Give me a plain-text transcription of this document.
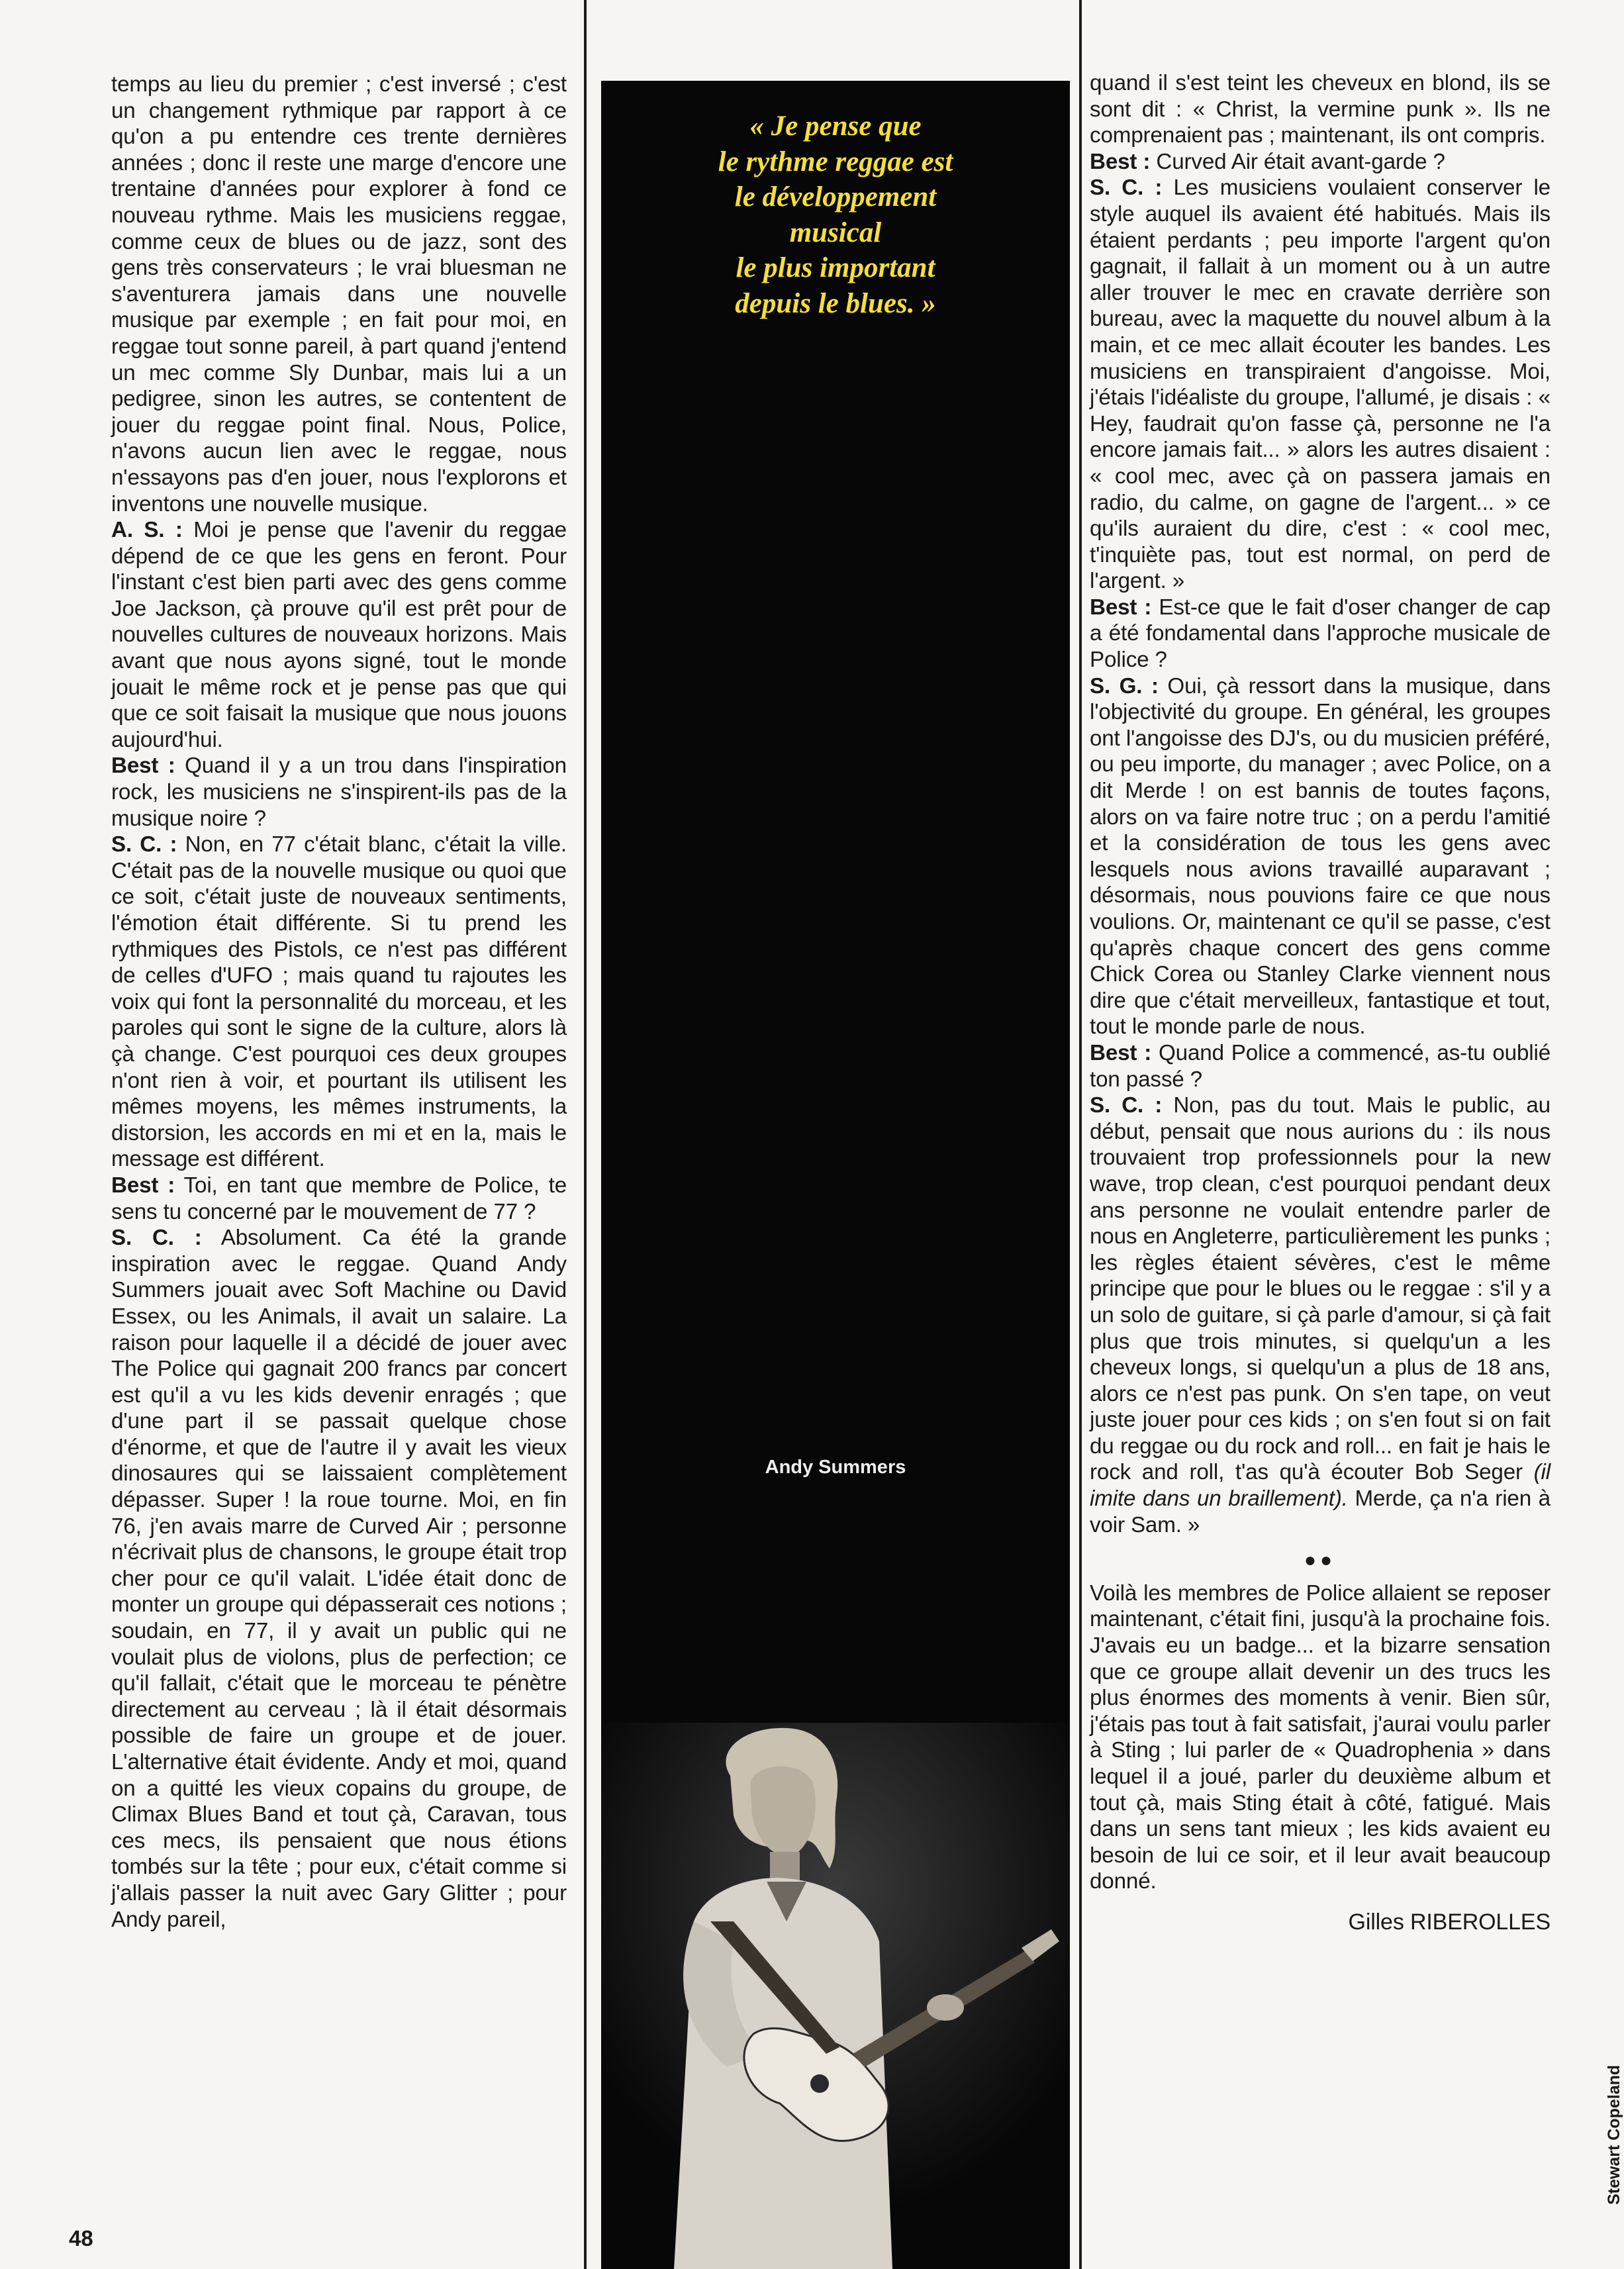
temps au lieu du premier ; c'est inversé ; c'est un changement rythmique par rapport à ce qu'on a pu entendre ces trente dernières années ; donc il reste une marge d'encore une trentaine d'années pour explorer à fond ce nouveau rythme. Mais les musiciens reggae, comme ceux de blues ou de jazz, sont des gens très conservateurs ; le vrai bluesman ne s'aventurera jamais dans une nouvelle musique par exemple ; en fait pour moi, en reggae tout sonne pareil, à part quand j'entend un mec comme Sly Dunbar, mais lui a un pedigree, sinon les autres, se contentent de jouer du reggae point final. Nous, Police, n'avons aucun lien avec le reggae, nous n'essayons pas d'en jouer, nous l'explorons et inventons une nouvelle musique.

A. S. : Moi je pense que l'avenir du reggae dépend de ce que les gens en feront. Pour l'instant c'est bien parti avec des gens comme Joe Jackson, çà prouve qu'il est prêt pour de nouvelles cultures de nouveaux horizons. Mais avant que nous ayons signé, tout le monde jouait le même rock et je pense pas que qui que ce soit faisait la musique que nous jouons aujourd'hui.

Best : Quand il y a un trou dans l'inspiration rock, les musiciens ne s'inspirent-ils pas de la musique noire ?

S. C. : Non, en 77 c'était blanc, c'était la ville. C'était pas de la nouvelle musique ou quoi que ce soit, c'était juste de nouveaux sentiments, l'émotion était différente. Si tu prend les rythmiques des Pistols, ce n'est pas différent de celles d'UFO ; mais quand tu rajoutes les voix qui font la personnalité du morceau, et les paroles qui sont le signe de la culture, alors là çà change. C'est pourquoi ces deux groupes n'ont rien à voir, et pourtant ils utilisent les mêmes moyens, les mêmes instruments, la distorsion, les accords en mi et en la, mais le message est différent.

Best : Toi, en tant que membre de Police, te sens tu concerné par le mouvement de 77 ?

S. C. : Absolument. Ca été la grande inspiration avec le reggae. Quand Andy Summers jouait avec Soft Machine ou David Essex, ou les Animals, il avait un salaire. La raison pour laquelle il a décidé de jouer avec The Police qui gagnait 200 francs par concert est qu'il a vu les kids devenir enragés ; que d'une part il se passait quelque chose d'énorme, et que de l'autre il y avait les vieux dinosaures qui se laissaient complètement dépasser. Super ! la roue tourne. Moi, en fin 76, j'en avais marre de Curved Air ; personne n'écrivait plus de chansons, le groupe était trop cher pour ce qu'il valait. L'idée était donc de monter un groupe qui dépasserait ces notions ; soudain, en 77, il y avait un public qui ne voulait plus de violons, plus de perfection; ce qu'il fallait, c'était que le morceau te pénètre directement au cerveau ; là il était désormais possible de faire un groupe et de jouer. L'alternative était évidente. Andy et moi, quand on a quitté les vieux copains du groupe, de Climax Blues Band et tout çà, Caravan, tous ces mecs, ils pensaient que nous étions tombés sur la tête ; pour eux, c'était comme si j'allais passer la nuit avec Gary Glitter ; pour Andy pareil,

« Je pense que
le rythme reggae est
le développement
musical
le plus important
depuis le blues. »
Andy Summers

quand il s'est teint les cheveux en blond, ils se sont dit : « Christ, la vermine punk ». Ils ne comprenaient pas ; maintenant, ils ont compris.

Best : Curved Air était avant-garde ?

S. C. : Les musiciens voulaient conserver le style auquel ils avaient été habitués. Mais ils étaient perdants ; peu importe l'argent qu'on gagnait, il fallait à un moment ou à un autre aller trouver le mec en cravate derrière son bureau, avec la maquette du nouvel album à la main, et ce mec allait écouter les bandes. Les musiciens en transpiraient d'angoisse. Moi, j'étais l'idéaliste du groupe, l'allumé, je disais : « Hey, faudrait qu'on fasse çà, personne ne l'a encore jamais fait... » alors les autres disaient : « cool mec, avec çà on passera jamais en radio, du calme, on gagne de l'argent... » ce qu'ils auraient du dire, c'est : « cool mec, t'inquiète pas, tout est normal, on perd de l'argent. »

Best : Est-ce que le fait d'oser changer de cap a été fondamental dans l'approche musicale de Police ?

S. G. : Oui, çà ressort dans la musique, dans l'objectivité du groupe. En général, les groupes ont l'angoisse des DJ's, ou du musicien préféré, ou peu importe, du manager ; avec Police, on a dit Merde ! on est bannis de toutes façons, alors on va faire notre truc ; on a perdu l'amitié et la considération de tous les gens avec lesquels nous avions travaillé auparavant ; désormais, nous pouvions faire ce que nous voulions. Or, maintenant ce qu'il se passe, c'est qu'après chaque concert des gens comme Chick Corea ou Stanley Clarke viennent nous dire que c'était merveilleux, fantastique et tout, tout le monde parle de nous.

Best : Quand Police a commencé, as-tu oublié ton passé ?

S. C. : Non, pas du tout. Mais le public, au début, pensait que nous aurions du : ils nous trouvaient trop professionnels pour la new wave, trop clean, c'est pourquoi pendant deux ans personne ne voulait entendre parler de nous en Angleterre, particulièrement les punks ; les règles étaient sévères, c'est le même principe que pour le blues ou le reggae : s'il y a un solo de guitare, si çà parle d'amour, si çà fait plus que trois minutes, si quelqu'un a les cheveux longs, si quelqu'un a plus de 18 ans, alors ce n'est pas punk. On s'en tape, on veut juste jouer pour ces kids ; on s'en fout si on fait du reggae ou du rock and roll... en fait je hais le rock and roll, t'as qu'à écouter Bob Seger (il imite dans un braillement). Merde, ça n'a rien à voir Sam. »

●●

Voilà les membres de Police allaient se reposer maintenant, c'était fini, jusqu'à la prochaine fois. J'avais eu un badge... et la bizarre sensation que ce groupe allait devenir un des trucs les plus énormes des moments à venir. Bien sûr, j'étais pas tout à fait satisfait, j'aurai voulu parler à Sting ; lui parler de « Quadrophenia » dans lequel il a joué, parler du deuxième album et tout çà, mais Sting était à côté, fatigué. Mais dans un sens tant mieux ; les kids avaient eu besoin de lui ce soir, et il leur avait beaucoup donné.

Gilles RIBEROLLES

48
Stewart Copeland
